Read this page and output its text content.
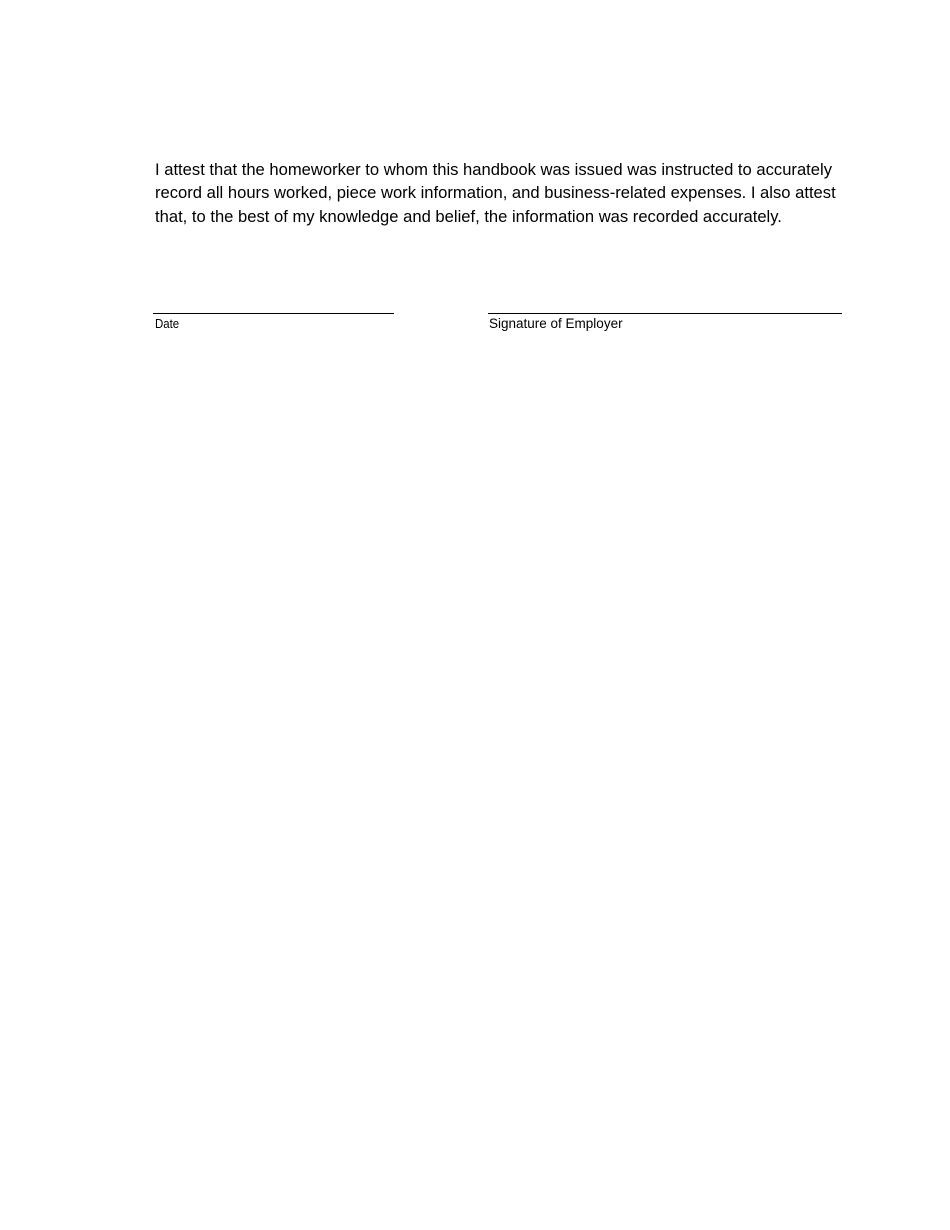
I attest that the homeworker to whom this handbook was issued was instructed to accurately record all hours worked, piece work information, and business-related expenses. I also attest that, to the best of my knowledge and belief, the information was recorded accurately.

Date	Signature of Employer
